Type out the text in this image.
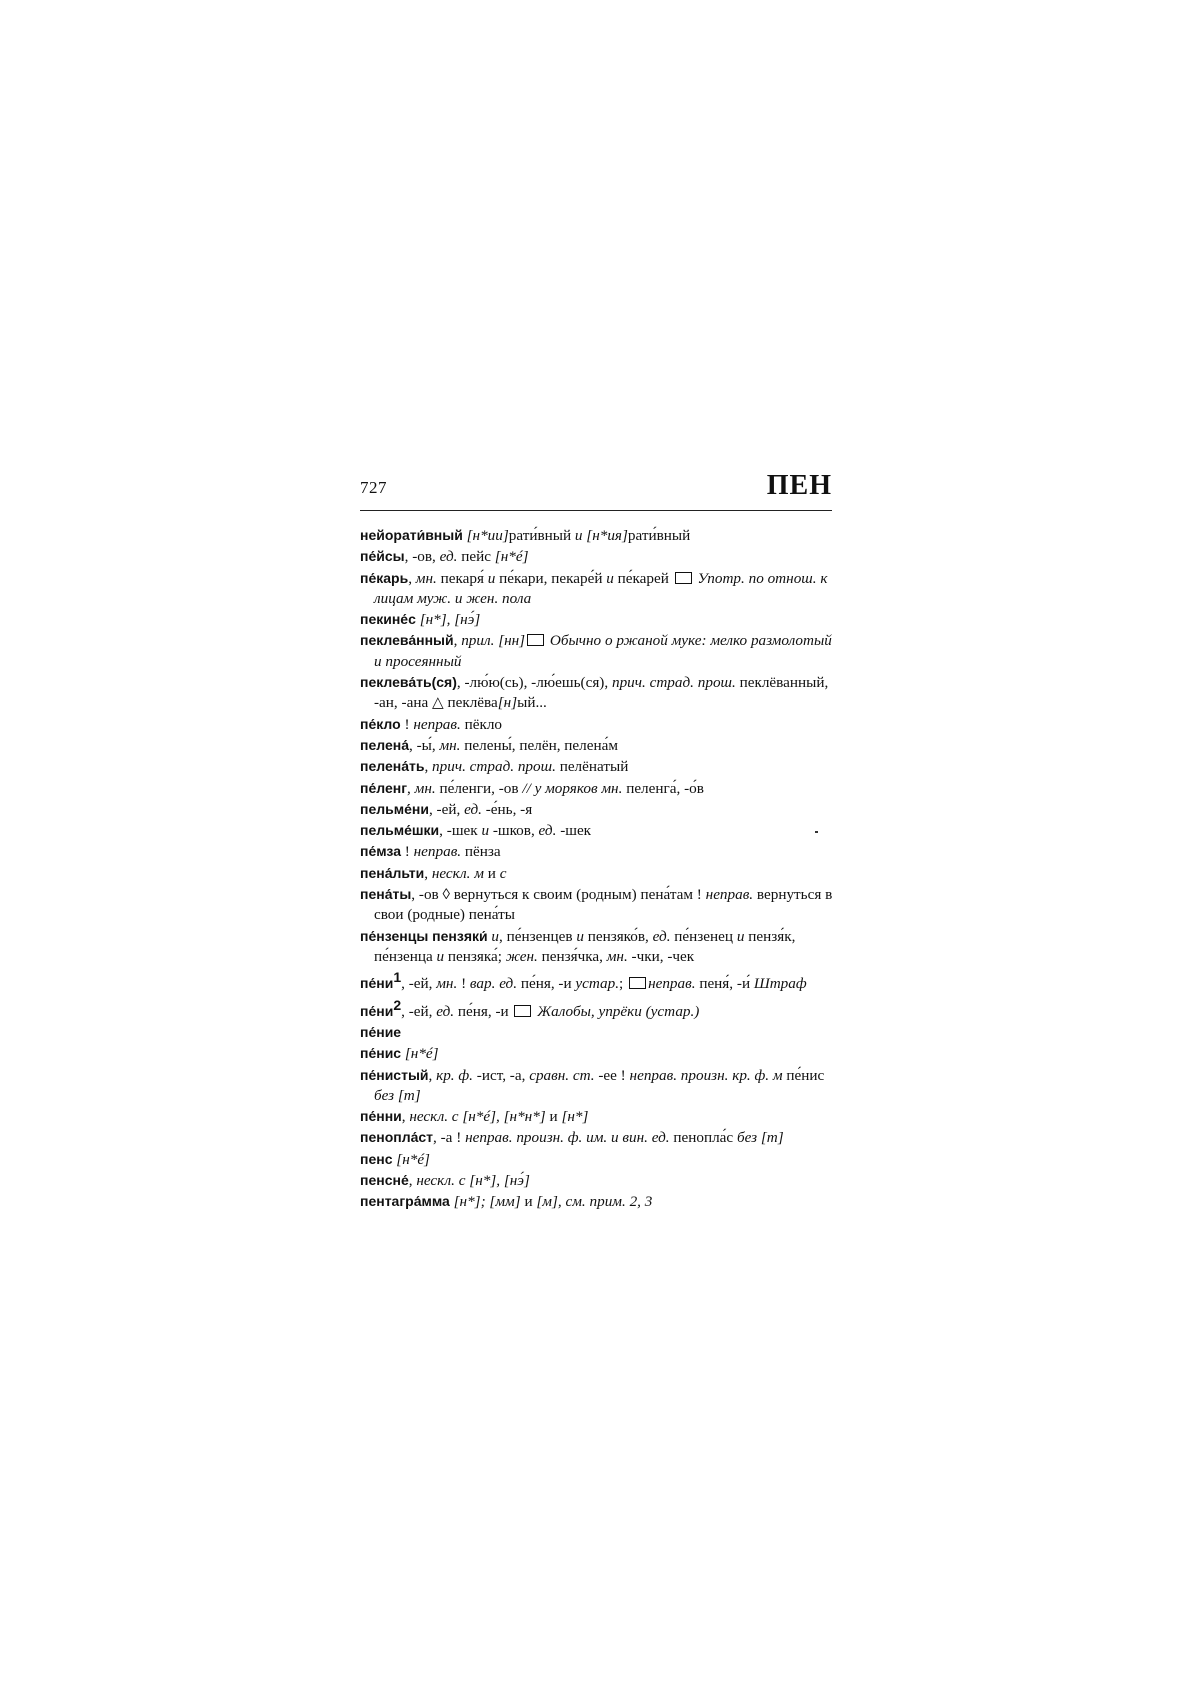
727	ПЕН

нейорати́вный [н*ии]рати́вный и [н*ия]рати́вный

пе́йсы, -ов, ед. пейс [н*é]

пе́карь, мн. пекаря́ и пе́кари, пекаре́й и пе́карей  Употр. по отнош. к лицам муж. и жен. пола

пекине́с [н*], [нэ́]

пеклева́нный, прил. [нн] Обычно о ржаной муке: мелко размолотый и просеянный

пеклева́ть(ся), -лю́ю(сь), -лю́ешь(ся), прич. страд. прош. пеклёванный, -ан, -ана △ пеклёва[н]ый...

пе́кло ! неправ. пёкло

пелена́, -ы́, мн. пелены́, пелён, пелена́м

пелена́ть, прич. страд. прош. пелёнатый

пе́ленг, мн. пе́ленги, -ов // у моряков мн. пеленга́, -о́в

пельме́ни, -ей, ед. -е́нь, -я

пельме́шки, -шек и -шков, ед. -шек

пе́мза ! неправ. пёнза

пена́льти, нескл. м и с

пена́ты, -ов ◊ вернуться к своим (родным) пена́там ! неправ. вернуться в свои (родные) пена́ты

пе́нзенцы пензяки́ и, пе́нзенцев и пензяко́в, ед. пе́нзенец и пензя́к, пе́нзенца и пензяка́; жен. пензя́чка, мн. -чки, -чек

$пе́ни^1$, -ей, мн. ! вар. ед. пе́ня, -и устар.; неправ. пеня́, -и́ Штраф

$пе́ни^2$, -ей, ед. пе́ня, -и  Жалобы, упрёки (устар.)

пе́ние

пе́нис [н*é]

пе́нистый, кр. ф. -ист, -а, сравн. ст. -ее ! неправ. произн. кр. ф. м пе́нис без [т]

пе́нни, нескл. с [н*é], [н*н*] и [н*]

пенопла́ст, -а ! неправ. произн. ф. им. и вин. ед. пенопла́с без [т]

пенс [н*é]

пенсне́, нескл. с [н*], [нэ́]

пентагра́мма [н*]; [мм] и [м], см. прим. 2, 3
